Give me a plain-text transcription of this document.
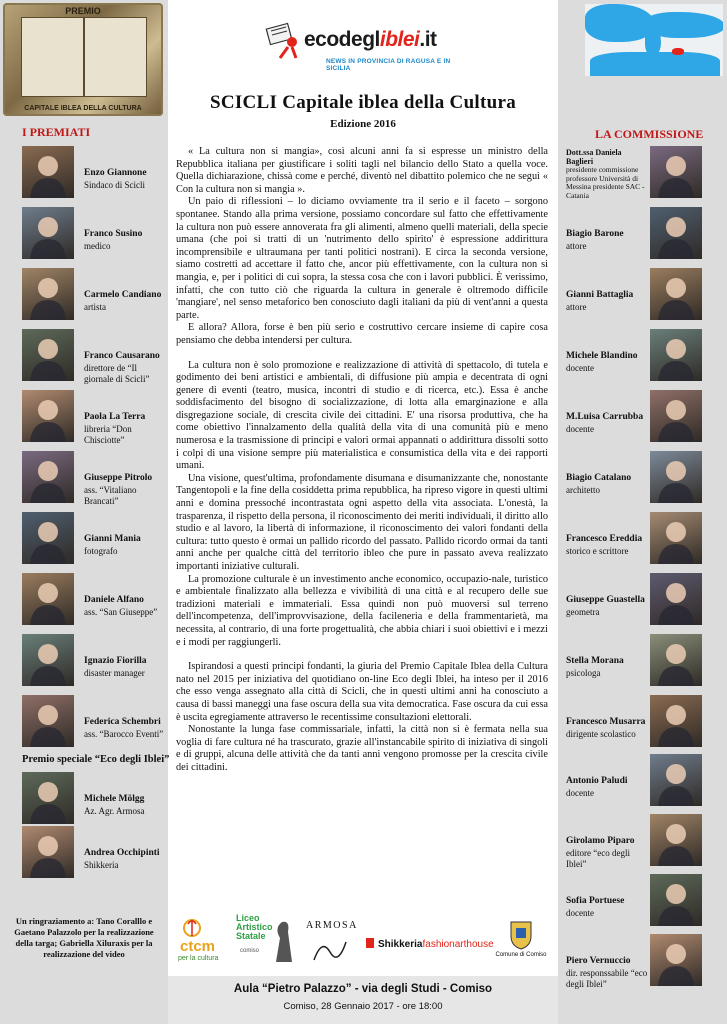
PREMIO
CAPITALE IBLEA DELLA CULTURA
ecodegliblei.it
NEWS IN PROVINCIA DI RAGUSA E IN SICILIA
SCICLI Capitale iblea della Cultura
Edizione 2016
I PREMIATI	LA COMMISSIONE

« La cultura non si mangia», così alcuni anni fa si espresse un ministro della Repubblica italiana per giustificare i soliti tagli nel bilancio dello Stato a quella voce. Quella dichiarazione, chissà come e perché, diventò nel dibattito polemico che ne seguì « Con la cultura non si mangia ».

Un paio di riflessioni – lo diciamo ovviamente tra il serio e il faceto – sorgono spontanee. Stando alla prima versione, possiamo concordare sul fatto che effettivamente la cultura non può essere annoverata fra gli alimenti, almeno quelli materiali, della specie umana (che poi si tratti di un 'nutrimento dello spirito' è espressione addirittura incomprensibile e ultraumana per tanti politici nostrani). E circa la seconda versione, siamo costretti ad accettare il fatto che, ancor più effettivamente, con la cultura non si mangia, e, per i politici di cui sopra, la stessa cosa che con i lavori pubblici. È verissimo, infatti, che con tutto ciò che riguarda la cultura in generale è oltremodo difficile 'mangiare', nel senso metaforico ben conosciuto dagli italiani da più di vent'anni a questa parte.

E allora? Allora, forse è ben più serio e costruttivo cercare insieme di capire cosa pensiamo che debba intendersi per cultura.

La cultura non è solo promozione e realizzazione di attività di spettacolo, di tutela e godimento dei beni artistici e ambientali, di diffusione più ampia e decentrata di ogni genere di eventi (teatro, musica, incontri di studio e di ricerca, etc.). Essa è anche soddisfacimento del bisogno di socializzazione, di lotta alla emarginazione e alla disgregazione sociale, di crescita civile dei cittadini. E' una risorsa produttiva, che ha come obiettivo l'innalzamento della qualità della vita di una comunità più e meno numerosa e la trasmissione di principi e valori ormai appannati o addirittura dissolti sotto i colpi di una visione sempre più materialistica e consumistica della vita e dei rapporti umani.

Una visione, quest'ultima, profondamente disumana e disumanizzante che, nonostante Tangentopoli e la fine della cosiddetta prima repubblica, ha ripreso vigore in questi ultimi anni e domina pressoché incontrastata ogni aspetto della vita associata. L'onestà, la trasparenza, il rispetto della persona, il riconoscimento dei meriti individuali, il diritto allo studio e al lavoro, la libertà di informazione, il riconoscimento dei valori fondanti della cultura: tutto questo è ormai un pallido ricordo del passato. Pallido ricordo ormai da tanti anni anche per qualche città del territorio ibleo che pure in passato aveva realizzato importanti iniziative culturali.

La promozione culturale è un investimento anche economico, occupazio-nale, turistico e ambientale finalizzato alla bellezza e vivibilità di una città e al recupero delle sue tradizioni materiali e immateriali. Essa quindi non può muoversi sul terreno dell'incompetenza, dell'improvvisazione, della facileneria e della frammentarietà, ma necessita, al contrario, di una forte progettualità, che abbia chiari i suoi obiettivi e i mezzi e i modi per raggiungerli.

Ispirandosi a questi principi fondanti, la giuria del Premio Capitale Iblea della Cultura nato nel 2015 per iniziativa del quotidiano on-line Eco degli Iblei, ha inteso per il 2016 che esso venga assegnato alla città di Scicli, che in questi ultimi anni ha conosciuto a causa di bassi maneggi una fase oscura della sua vita democratica. Fase oscura da cui essa è uscita egregiamente attraverso le recentissime consultazioni elettorali.

Nonostante la lunga fase commissariale, infatti, la città non si è fermata nella sua voglia di fare cultura né ha trascurato, grazie all'instancabile spirito di iniziativa di singoli e di gruppi, alcuna delle attività che da tanti anni vengono promosse per la crescita civile dei cittadini.

Enzo Giannone
Sindaco di Scicli
Franco Susino
medico
Carmelo Candiano
artista
Franco Causarano
direttore de “Il giornale di Scicli”
Paola La Terra
libreria “Don Chisciotte”
Giuseppe Pitrolo
ass. “Vitaliano Brancati”
Gianni Mania
fotografo
Daniele Alfano
ass. “San Giuseppe”
Ignazio Fiorilla
disaster manager
Federica Schembri
ass. “Barocco Eventi”
Premio speciale “Eco degli Iblei”
Michele Mölgg
Az. Agr. Armosa
Andrea Occhipinti
Shikkeria
Un ringraziamento a: Tano Coralllo e Gaetano Palazzolo per la realizzazione della targa; Gabriella Xiluraxis per la realizzazione del video
Dott.ssa Daniela Baglieri
presidente commissione professore Università di Messina presidente SAC - Catania
Biagio Barone
attore
Gianni Battaglia
attore
Michele Blandino
docente
M.Luisa Carrubba
docente
Biagio Catalano
architetto
Francesco Ereddia
storico e scrittore
Giuseppe Guastella
geometra
Stella Morana
psicologa
Francesco Musarra
dirigente scolastico
Antonio Paludi
docente
Girolamo Piparo
editore “eco degli Iblei”
Sofia Portuese
docente
Piero Vernuccio
dir. responssabile “eco degli Iblei”
ctcm
per la cultura
Liceo Artistico Statale
comiso
ARMOSA
Shikkeriafashionarthouse
Comune di Comiso
Aula “Pietro Palazzo” - via degli Studi - Comiso
Comiso, 28 Gennaio 2017 - ore 18:00
